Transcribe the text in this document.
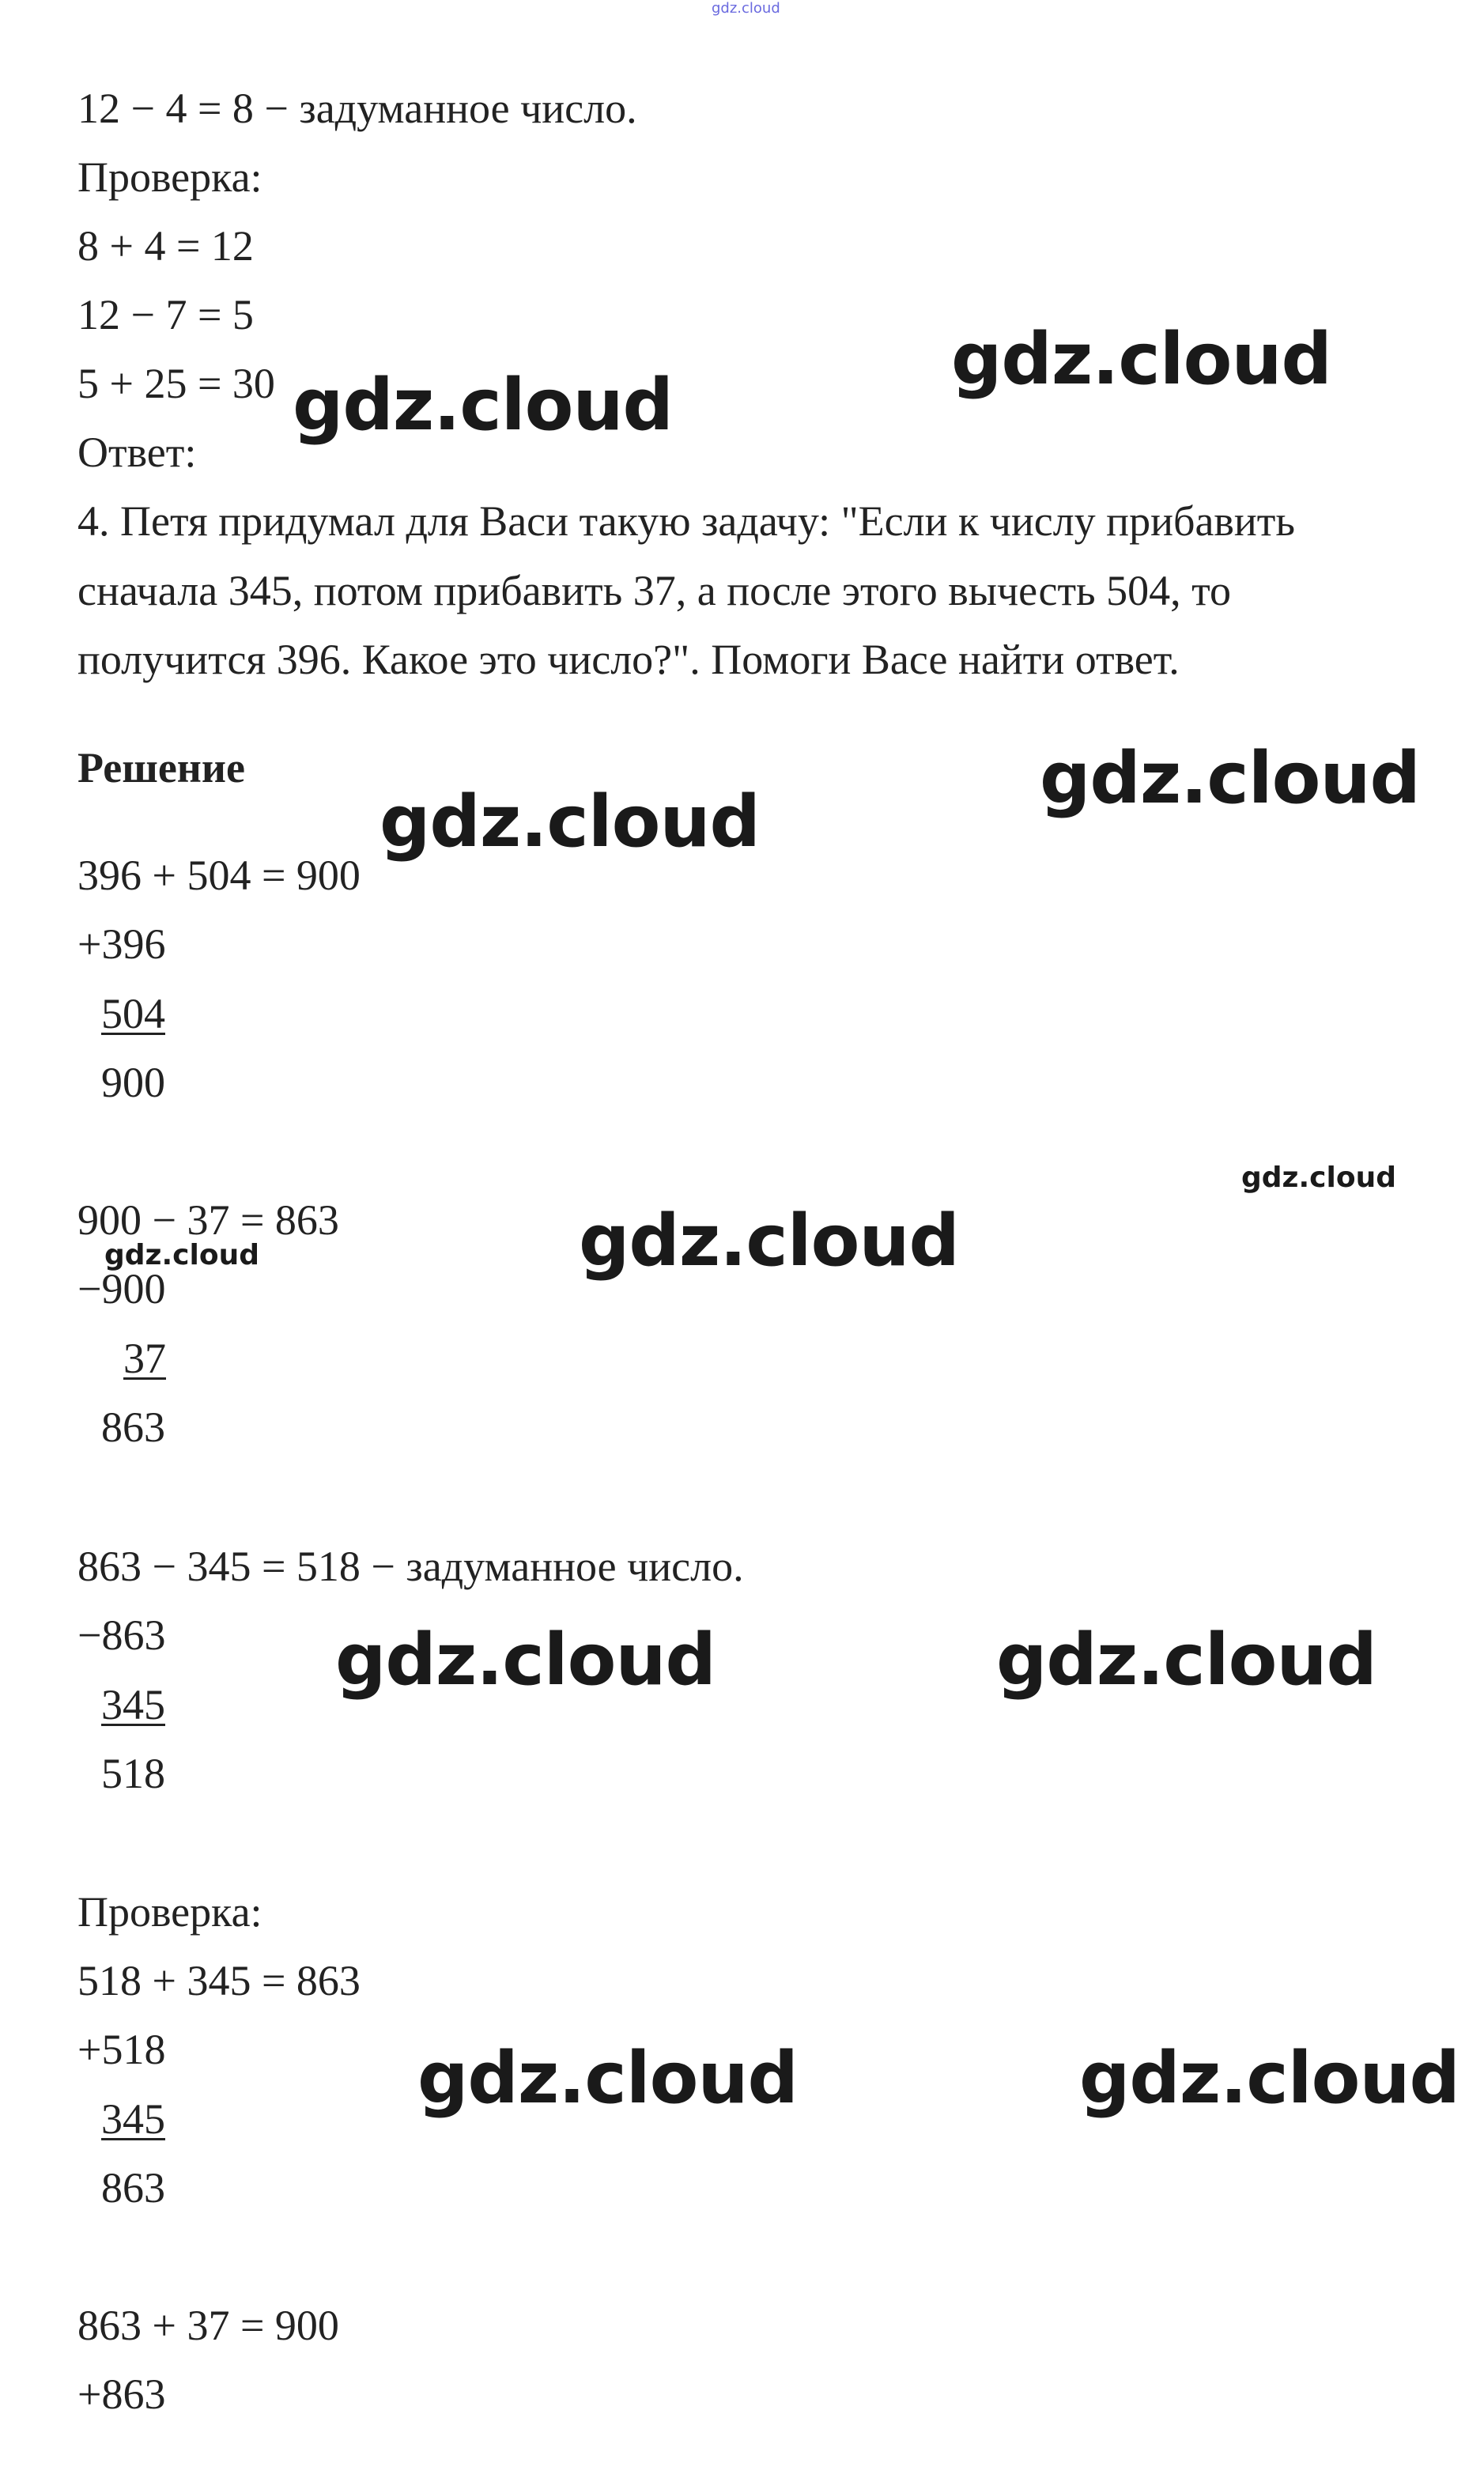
gdz.cloud
12 − 4 = 8 − задуманное число.
Проверка:
8 + 4 = 12
12 − 7 = 5
5 + 25 = 30
Ответ:
4. Петя придумал для Васи такую задачу: "Если к числу прибавить
сначала 345, потом прибавить 37, а после этого вычесть 504, то
получится 396. Какое это число?". Помоги Васе найти ответ.
Решение
396 + 504 = 900
+396
504
900
900 − 37 = 863
−900
37
863
863 − 345 = 518 − задуманное число.
−863
345
518
Проверка:
518 + 345 = 863
+518
345
863
863 + 37 = 900
+863
gdz.cloud
gdz.cloud
gdz.cloud
gdz.cloud
gdz.cloud
gdz.cloud
gdz.cloud
gdz.cloud	gdz.cloud
gdz.cloud	gdz.cloud
